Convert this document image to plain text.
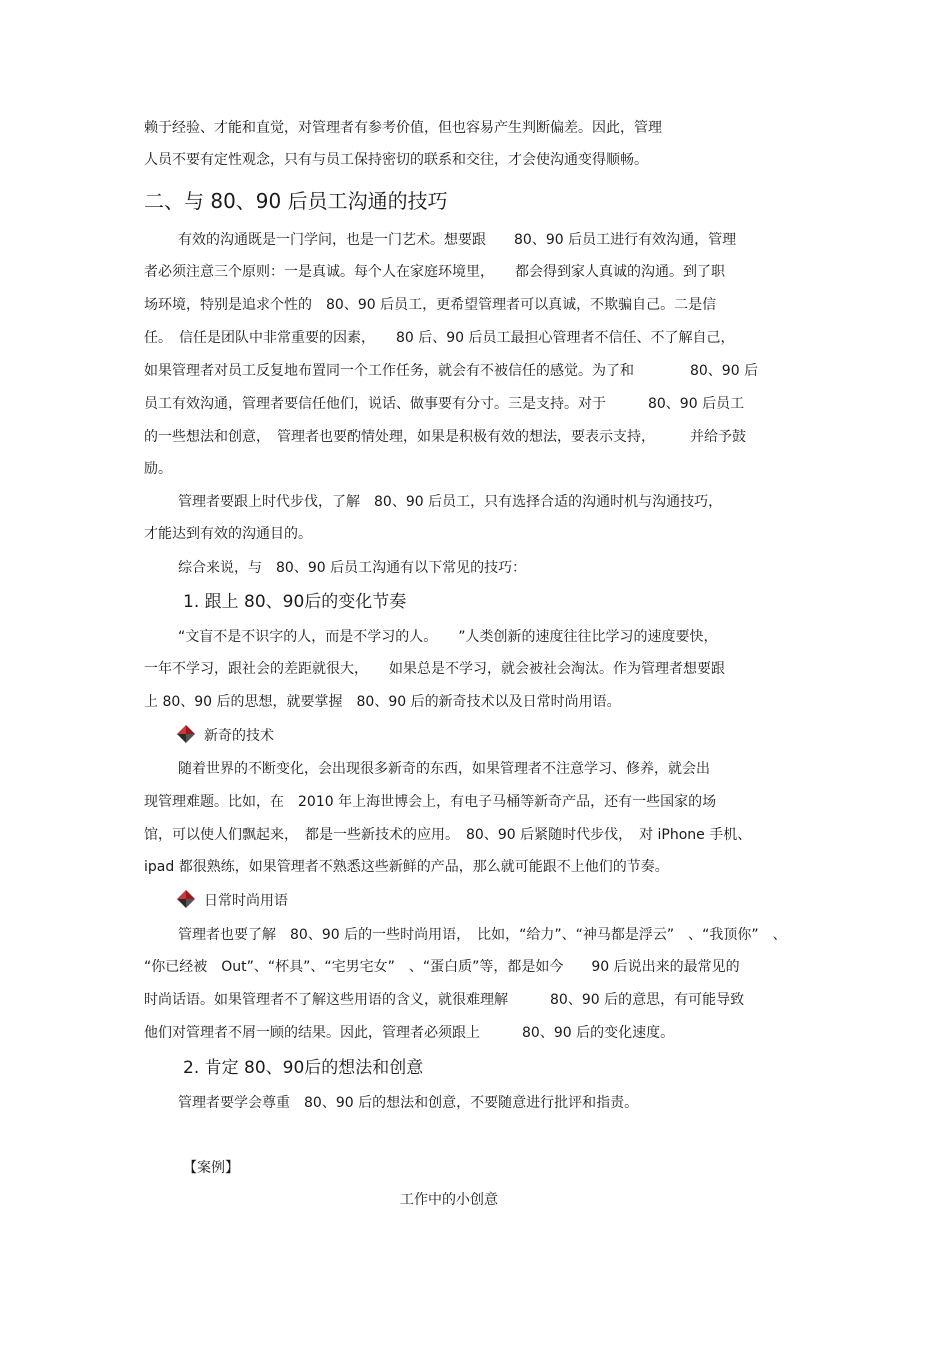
赖于经验、才能和直觉，对管理者有参考价值，但也容易产生判断偏差。因此，管理
人员不要有定性观念，只有与员工保持密切的联系和交往，才会使沟通变得顺畅。
二、与 80、90 后员工沟通的技巧
有效的沟通既是一门学问，也是一门艺术。想要跟　　80、90 后员工进行有效沟通，管理
者必须注意三个原则：一是真诚。每个人在家庭环境里，　　都会得到家人真诚的沟通。到了职
场环境，特别是追求个性的　80、90 后员工，更希望管理者可以真诚，不欺骗自己。二是信
任。　信任是团队中非常重要的因素，　　80 后、90 后员工最担心管理者不信任、不了解自己，
如果管理者对员工反复地布置同一个工作任务，就会有不被信任的感觉。为了和　　　　80、90 后
员工有效沟通，管理者要信任他们，说话、做事要有分寸。三是支持。对于　　　80、90 后员工
的一些想法和创意，　管理者也要酌情处理，如果是积极有效的想法，要表示支持，　　　并给予鼓
励。
管理者要跟上时代步伐，了解　80、90 后员工，只有选择合适的沟通时机与沟通技巧，
才能达到有效的沟通目的。
综合来说，与　80、90 后员工沟通有以下常见的技巧：
1. 跟上 80、90后的变化节奏
“文盲不是不识字的人，而是不学习的人。　　”人类创新的速度往往比学习的速度要快，
一年不学习，跟社会的差距就很大，　　如果总是不学习，就会被社会淘汰。作为管理者想要跟
上 80、90 后的思想，就要掌握　80、90 后的新奇技术以及日常时尚用语。
新奇的技术
随着世界的不断变化，会出现很多新奇的东西，如果管理者不注意学习、修养，就会出
现管理难题。比如，在　2010 年上海世博会上，有电子马桶等新奇产品，还有一些国家的场
馆，可以使人们飘起来，　都是一些新技术的应用。　80、90 后紧随时代步伐，　对 iPhone 手机、
ipad 都很熟练，如果管理者不熟悉这些新鲜的产品，那么就可能跟不上他们的节奏。
日常时尚用语
管理者也要了解　80、90 后的一些时尚用语，　比如，“给力”、“神马都是浮云”　、“我顶你”　、
“你已经被　Out”、“杯具”、“宅男宅女”　、“蛋白质”等，都是如今　　90 后说出来的最常见的
时尚话语。如果管理者不了解这些用语的含义，就很难理解　　　80、90 后的意思，有可能导致
他们对管理者不屑一顾的结果。因此，管理者必须跟上　　　80、90 后的变化速度。
2. 肯定 80、90后的想法和创意
管理者要学会尊重　80、90 后的想法和创意，不要随意进行批评和指责。
【案例】
工作中的小创意
